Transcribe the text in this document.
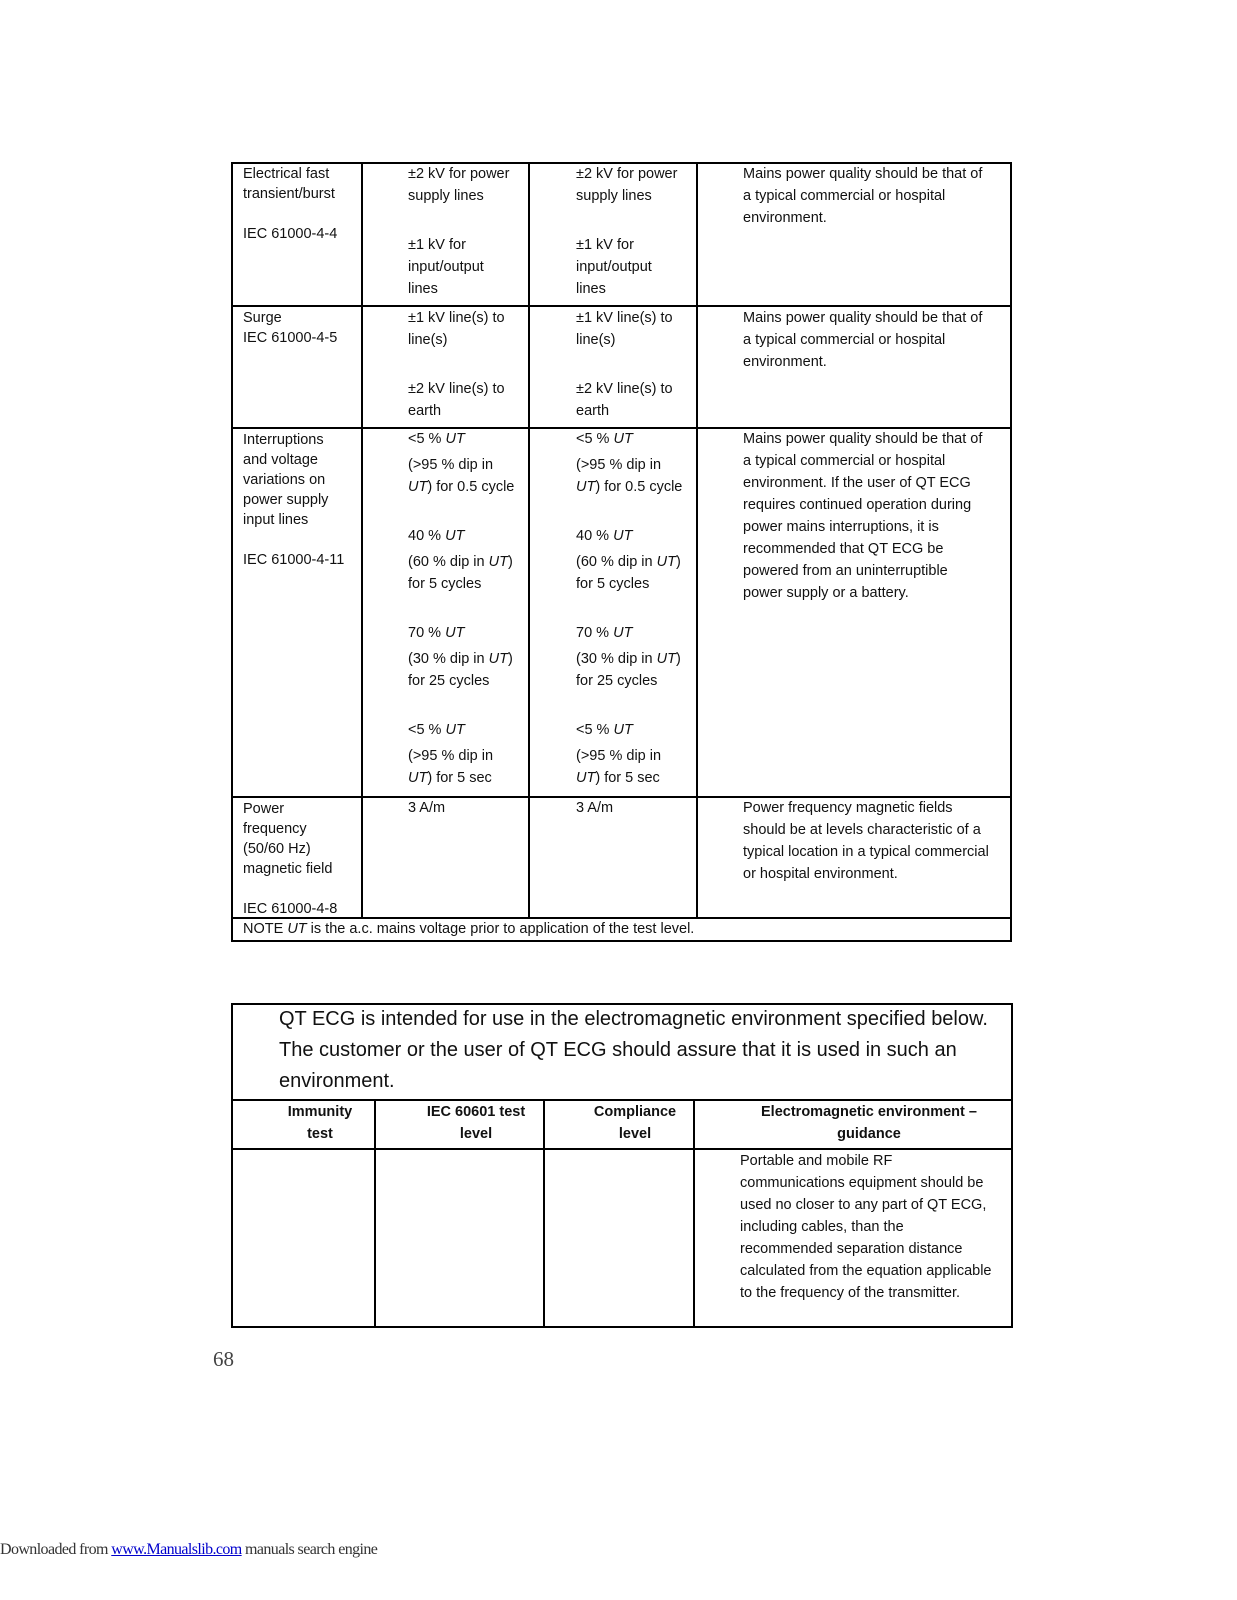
Electrical fast
transient/burst
IEC 61000-4-4
±2 kV for power
supply lines
±1 kV for
input/output
lines
±2 kV for power
supply lines
±1 kV for
input/output
lines
Mains power quality should be that of
a typical commercial or hospital
environment.
Surge
IEC 61000-4-5
±1 kV line(s) to
line(s)
±2 kV line(s) to
earth
±1 kV line(s) to
line(s)
±2 kV line(s) to
earth
Mains power quality should be that of
a typical commercial or hospital
environment.
Interruptions
and voltage
variations on
power supply
input lines
IEC 61000-4-11
<5 % UT
(>95 % dip in
UT) for 0.5 cycle
40 % UT
(60 % dip in UT)
for 5 cycles
70 % UT
(30 % dip in UT)
for 25 cycles
<5 % UT
(>95 % dip in
UT) for 5 sec
<5 % UT
(>95 % dip in
UT) for 0.5 cycle
40 % UT
(60 % dip in UT)
for 5 cycles
70 % UT
(30 % dip in UT)
for 25 cycles
<5 % UT
(>95 % dip in
UT) for 5 sec
Mains power quality should be that of
a typical commercial or hospital
environment. If the user of QT ECG
requires continued operation during
power mains interruptions, it is
recommended that QT ECG be
powered from an uninterruptible
power supply or a battery.
Power
frequency
(50/60 Hz)
magnetic field
IEC 61000-4-8
3 A/m	3 A/m	Power frequency magnetic fields
should be at levels characteristic of a
typical location in a typical commercial
or hospital environment.
NOTE UT is the a.c. mains voltage prior to application of the test level.
QT ECG is intended for use in the electromagnetic environment specified below.
The customer or the user of QT ECG should assure that it is used in such an
environment.
Immunity
test
IEC 60601 test
level
Compliance
level
Electromagnetic environment –
guidance
Portable and mobile RF
communications equipment should be
used no closer to any part of QT ECG,
including cables, than the
recommended separation distance
calculated from the equation applicable
to the frequency of the transmitter.
68
Downloaded from www.Manualslib.com manuals search engine
